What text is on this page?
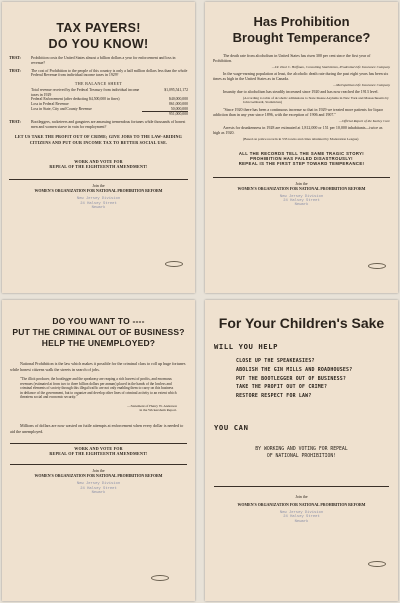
TAX PAYERS!
DO YOU KNOW!
THAT:	Prohibition costs the United States almost a billion dollars a year for enforcement and loss in revenue?
THAT:	The cost of Prohibition to the people of this country is only a half million dollars less than the whole Federal Revenue from individual income taxes in 1929?
THE BALANCE SHEET
Total revenue received by the Federal Treasury from individual income taxes in 1929
$1,095,541,172
Federal Enforcement (after deducting $4,500,000 in fines)	$40,000,000
Loss in Federal Revenue	861,000,000
Loss in State, City and County Revenue	50,000,000
951,000,000
THAT:	Bootleggers, racketeers and gangsters are amassing tremendous fortunes while thousands of honest men and women starve in vain for employment?
LET US TAKE THE PROFIT OUT OF CRIME; GIVE JOBS TO THE LAW-ABIDING CITIZENS AND PUT OUR INCOME TAX TO BETTER SOCIAL USE.
WORK AND VOTE FOR
REPEAL OF THE EIGHTEENTH AMENDMENT!
Join the
WOMEN'S ORGANIZATION FOR NATIONAL PROHIBITION REFORM
New Jersey Division
24 Halsey Street
Newark
Has Prohibition
Brought Temperance?
The death rate from alcoholism in United States has risen 300 per cent since the first year of Prohibition.
—Dr. Paul C. Hoffman, Consulting Statistician, Prudential Life Insurance Company
In the wage-earning population at least, the alcoholic death rate during the past eight years has been six times as high in the United States as in Canada.
—Metropolitan Life Insurance Company
Insanity due to alcoholism has steadily increased since 1920 and has now reached the 1913 level.
(According to table of alcoholic admissions to State Insane Asylums in New York and Massachusetts by John Gebhardt, Statistician)
"Since 1920 there has been a continuous increase so that in 1929 we treated more patients for liquor addiction than in any year since 1896, with the exception of 1906 and 1907."
—Official Report of the Keeley Cure
Arrests for drunkenness in 1928 are estimated at 1,812,000 or 151 per 10,000 inhabitants—twice as high as 1920.
(Based on police records in 533 towns and cities tabulated by Moderation League)
ALL THE RECORDS TELL THE SAME TRAGIC STORY!
PROHIBITION HAS FAILED DISASTROUSLY!
REPEAL IS THE FIRST STEP TOWARD TEMPERANCE!
Join the
WOMEN'S ORGANIZATION FOR NATIONAL PROHIBITION REFORM
New Jersey Division
24 Halsey Street
Newark
DO YOU WANT TO ----
PUT THE CRIMINAL OUT OF BUSINESS?
HELP THE UNEMPLOYED?
National Prohibition is the law which makes it possible for the criminal class to roll up huge fortunes while honest citizens walk the streets in search of jobs.
"The illicit producer, the bootlegger and the speakeasy are reaping a rich harvest of profits, and enormous revenues (estimated at from two to three billion dollars per annum) placed in the hands of the lawless and criminal elements of society through this illegal traffic are not only enabling them to carry on this business in defiance of the government, but to organize and develop other lines of criminal activity to an extent which threatens social and economic security."
—Statement of Henry W. Anderson
in the Wickersham Report.
Millions of dollars are now wasted on futile attempts at enforcement when every dollar is needed to aid the unemployed.
WORK AND VOTE FOR
REPEAL OF THE EIGHTEENTH AMENDMENT!
Join the
WOMEN'S ORGANIZATION FOR NATIONAL PROHIBITION REFORM
New Jersey Division
24 Halsey Street
Newark
For Your Children's Sake
WILL YOU HELP
CLOSE UP THE SPEAKEASIES?
ABOLISH THE GIN MILLS AND ROADHOUSES?
PUT THE BOOTLEGGER OUT OF BUSINESS?
TAKE THE PROFIT OUT OF CRIME?
RESTORE RESPECT FOR LAW?
YOU CAN
BY WORKING AND VOTING FOR REPEAL
OF NATIONAL PROHIBITION!
Join the
WOMEN'S ORGANIZATION FOR NATIONAL PROHIBITION REFORM
New Jersey Division
24 Halsey Street
Newark
